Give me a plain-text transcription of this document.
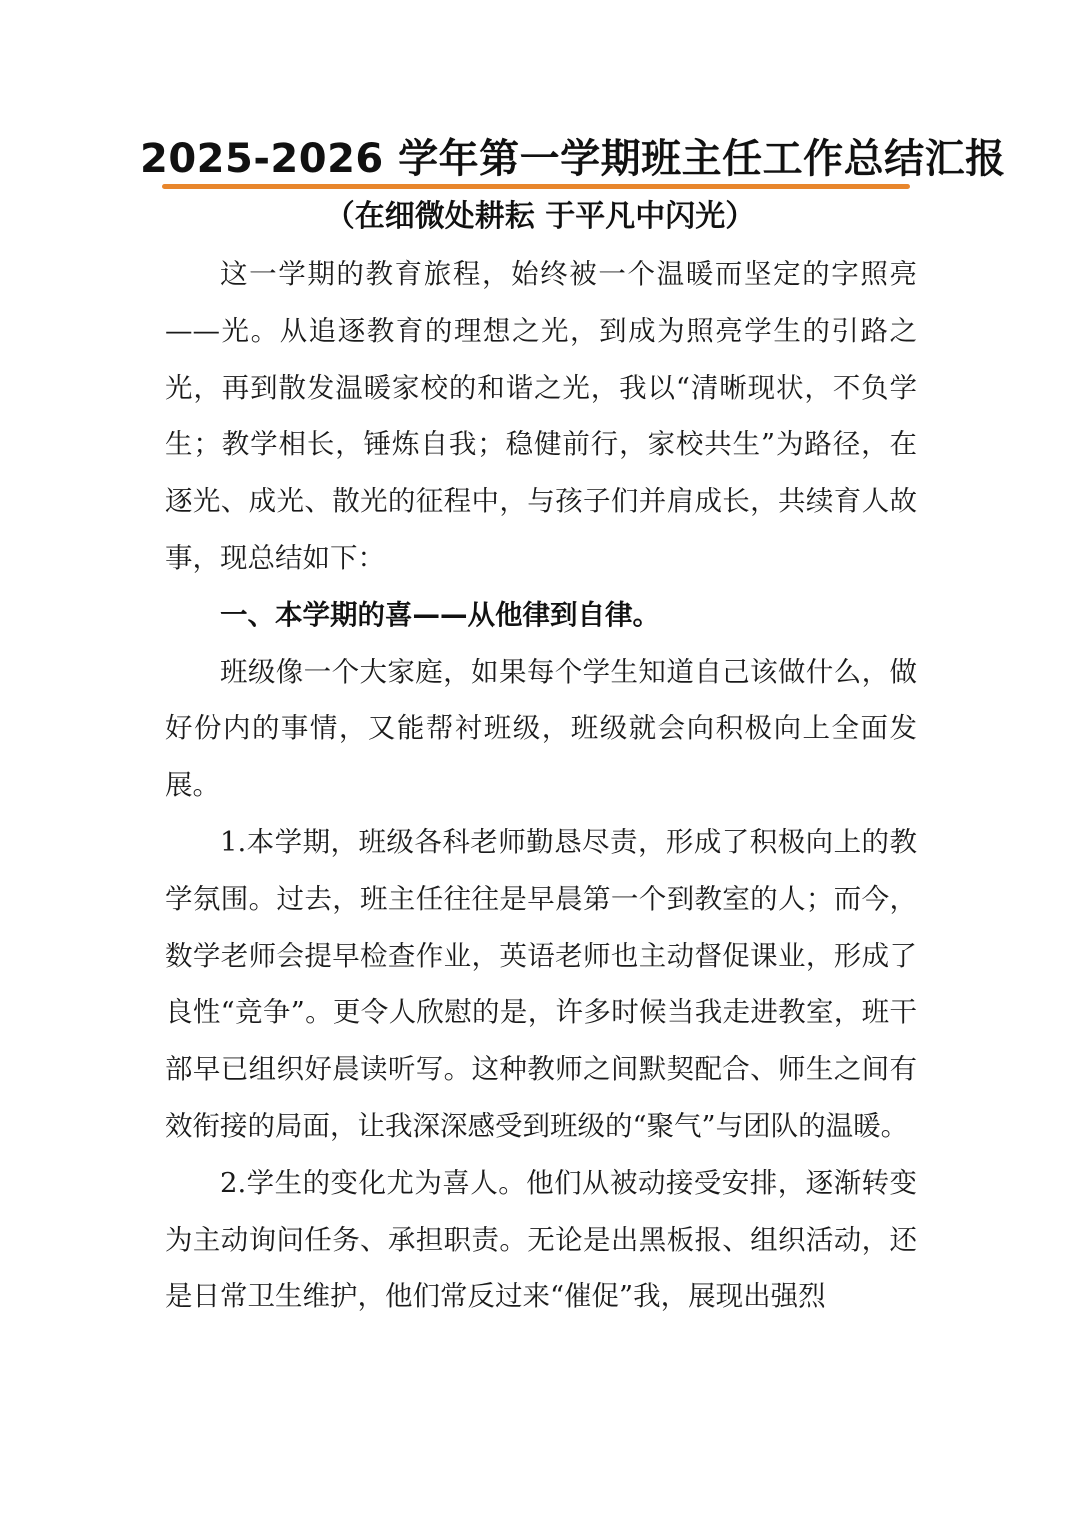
2025-2026 学年第一学期班主任工作总结汇报
（在细微处耕耘 于平凡中闪光）

这一学期的教育旅程，始终被一个温暖而坚定的字照亮——光。从追逐教育的理想之光，到成为照亮学生的引路之光，再到散发温暖家校的和谐之光，我以“清晰现状，不负学生；教学相长，锤炼自我；稳健前行，家校共生”为路径，在逐光、成光、散光的征程中，与孩子们并肩成长，共续育人故事，现总结如下：

一、本学期的喜——从他律到自律。

班级像一个大家庭，如果每个学生知道自己该做什么，做好份内的事情，又能帮衬班级，班级就会向积极向上全面发展。

1.本学期，班级各科老师勤恳尽责，形成了积极向上的教学氛围。过去，班主任往往是早晨第一个到教室的人；而今，数学老师会提早检查作业，英语老师也主动督促课业，形成了良性“竞争”。更令人欣慰的是，许多时候当我走进教室，班干部早已组织好晨读听写。这种教师之间默契配合、师生之间有效衔接的局面，让我深深感受到班级的“聚气”与团队的温暖。

2.学生的变化尤为喜人。他们从被动接受安排，逐渐转变为主动询问任务、承担职责。无论是出黑板报、组织活动，还是日常卫生维护，他们常反过来“催促”我，展现出强烈
